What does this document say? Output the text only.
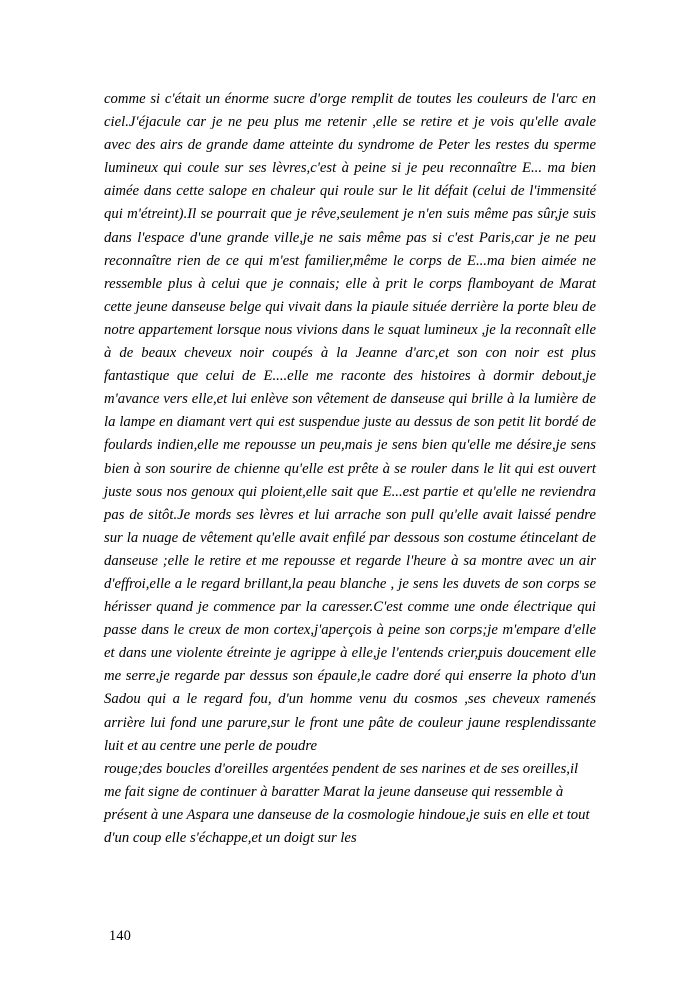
comme si c'était un énorme sucre d'orge remplit de toutes les couleurs de l'arc en ciel.J'éjacule car je ne peu plus me retenir ,elle se retire et je vois qu'elle avale avec des airs de grande dame atteinte du syndrome de Peter les restes du sperme lumineux qui coule sur ses lèvres,c'est à peine si je peu reconnaître E... ma bien aimée dans cette salope en chaleur qui roule sur le lit défait (celui de l'immensité qui m'étreint).Il se pourrait que je rêve,seulement je n'en suis même pas sûr,je suis dans l'espace d'une grande ville,je ne sais même pas si c'est Paris,car je ne peu reconnaître rien de ce qui m'est familier,même le corps de E...ma bien aimée ne ressemble plus à celui que je connais; elle à prit le corps flamboyant de Marat cette jeune danseuse belge qui vivait dans la piaule située derrière la porte bleu de notre appartement lorsque nous vivions dans le squat lumineux ,je la reconnaît elle à de beaux cheveux noir coupés à la Jeanne d'arc,et son con noir est plus fantastique que celui de E....elle me raconte des histoires à dormir debout,je m'avance vers elle,et lui enlève son vêtement de danseuse qui brille à la lumière de la lampe en diamant vert qui est suspendue juste au dessus de son petit lit bordé de foulards indien,elle me repousse un peu,mais je sens bien qu'elle me désire,je sens bien à son sourire de chienne qu'elle est prête à se rouler dans le lit qui est ouvert juste sous nos genoux qui ploient,elle sait que E...est partie et qu'elle ne reviendra pas de sitôt.Je mords ses lèvres et lui arrache son pull qu'elle avait laissé pendre sur la nuage de vêtement qu'elle avait enfilé par dessous son costume étincelant de danseuse ;elle le retire et me repousse et regarde l'heure à sa montre avec un air d'effroi,elle a le regard brillant,la peau blanche , je sens les duvets de son corps se hérisser quand je commence par la caresser.C'est comme une onde électrique qui passe dans le creux de mon cortex,j'aperçois à peine son corps;je m'empare d'elle et dans une violente étreinte je agrippe à elle,je l'entends crier,puis doucement elle me serre,je regarde par dessus son épaule,le cadre doré qui enserre la photo d'un Sadou qui a le regard fou, d'un homme venu du cosmos ,ses cheveux ramenés arrière lui fond une parure,sur le front une pâte de couleur jaune resplendissante luit et au centre une perle de poudre

rouge;des boucles d'oreilles argentées pendent de ses narines et de ses oreilles,il me fait signe de continuer à baratter Marat la jeune danseuse qui ressemble à présent à une Aspara une danseuse de la cosmologie hindoue,je suis en elle et tout d'un coup elle s'échappe,et un doigt sur les

140
